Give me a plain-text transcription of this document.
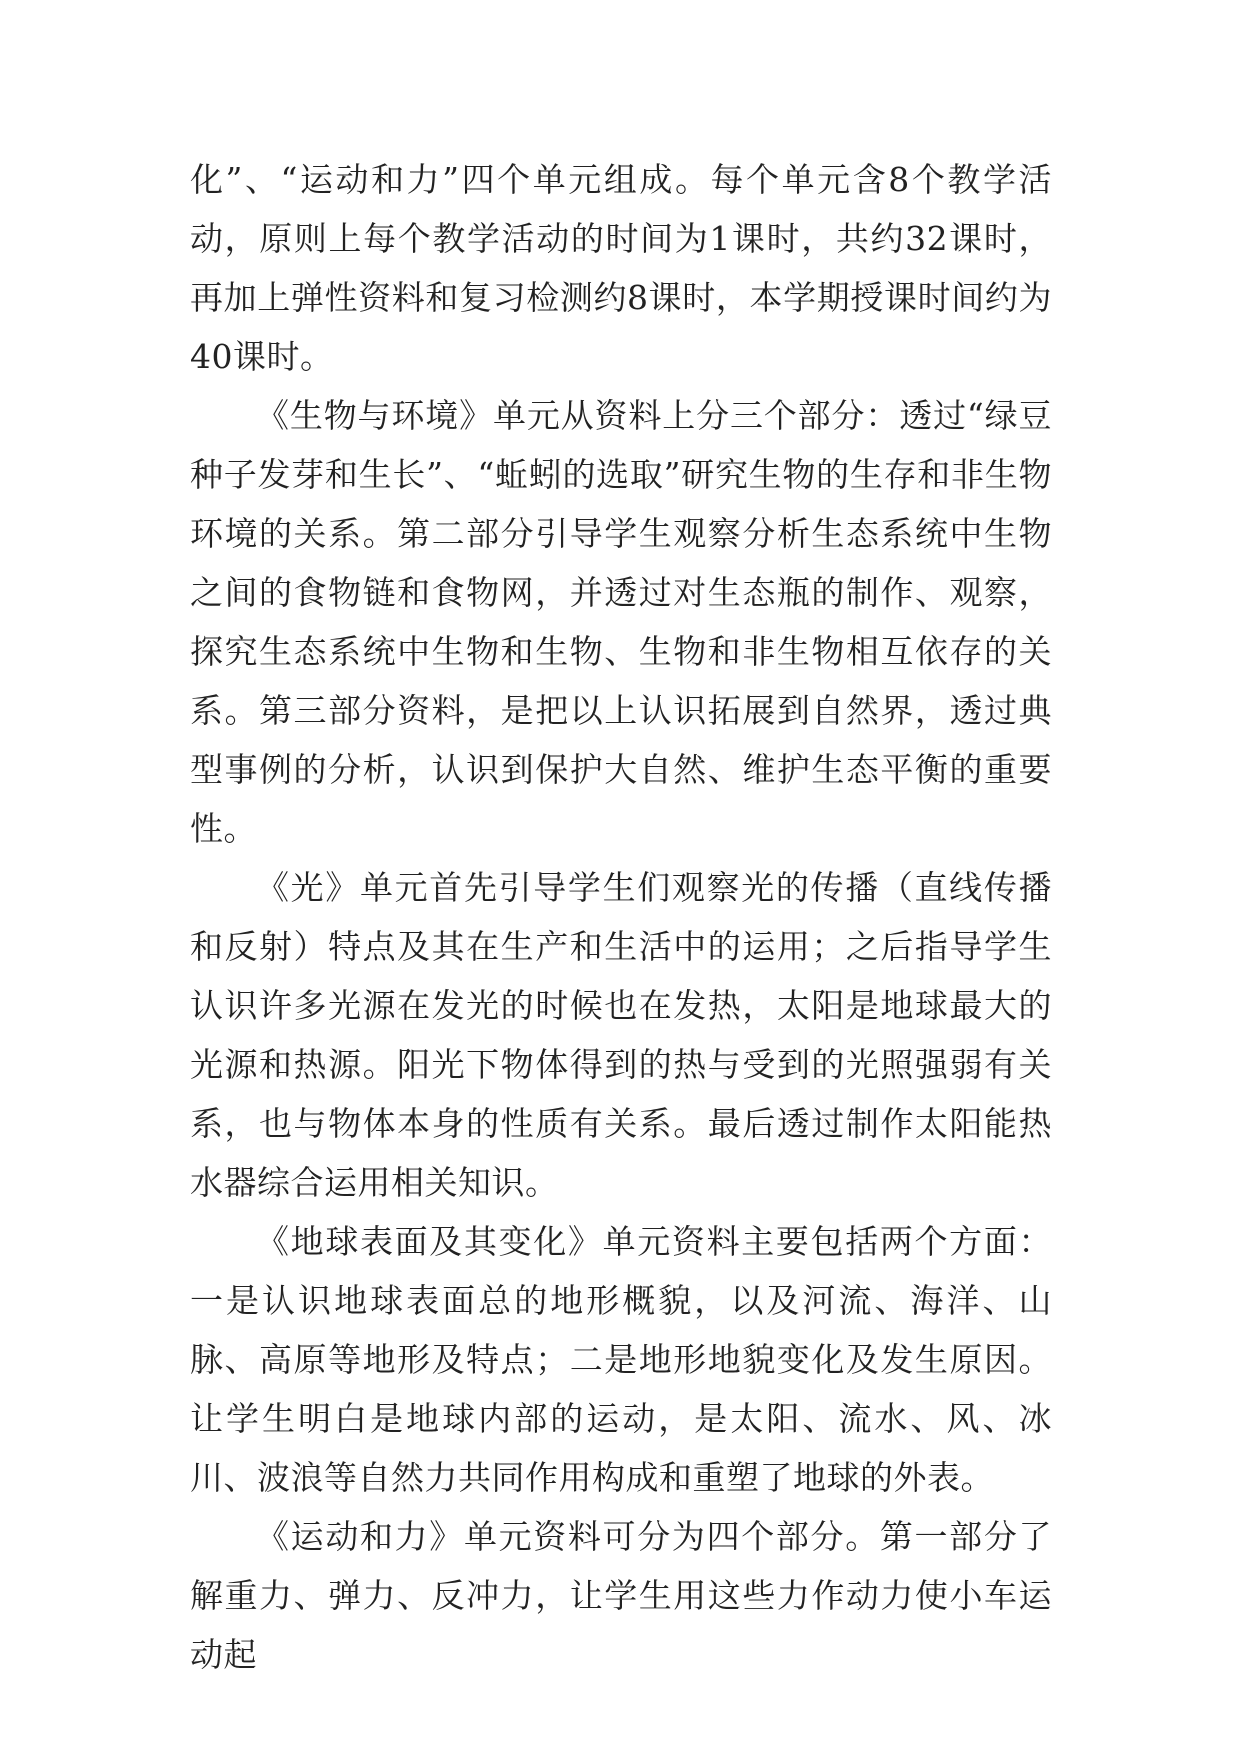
化”、“运动和力”四个单元组成。每个单元含8个教学活动，原则上每个教学活动的时间为1课时，共约32课时，再加上弹性资料和复习检测约8课时，本学期授课时间约为40课时。

《生物与环境》单元从资料上分三个部分：透过“绿豆种子发芽和生长”、“蚯蚓的选取”研究生物的生存和非生物环境的关系。第二部分引导学生观察分析生态系统中生物之间的食物链和食物网，并透过对生态瓶的制作、观察，探究生态系统中生物和生物、生物和非生物相互依存的关系。第三部分资料，是把以上认识拓展到自然界，透过典型事例的分析，认识到保护大自然、维护生态平衡的重要性。

《光》单元首先引导学生们观察光的传播（直线传播和反射）特点及其在生产和生活中的运用；之后指导学生认识许多光源在发光的时候也在发热，太阳是地球最大的光源和热源。阳光下物体得到的热与受到的光照强弱有关系，也与物体本身的性质有关系。最后透过制作太阳能热水器综合运用相关知识。

《地球表面及其变化》单元资料主要包括两个方面：一是认识地球表面总的地形概貌，以及河流、海洋、山脉、高原等地形及特点；二是地形地貌变化及发生原因。让学生明白是地球内部的运动，是太阳、流水、风、冰川、波浪等自然力共同作用构成和重塑了地球的外表。

《运动和力》单元资料可分为四个部分。第一部分了解重力、弹力、反冲力，让学生用这些力作动力使小车运动起
